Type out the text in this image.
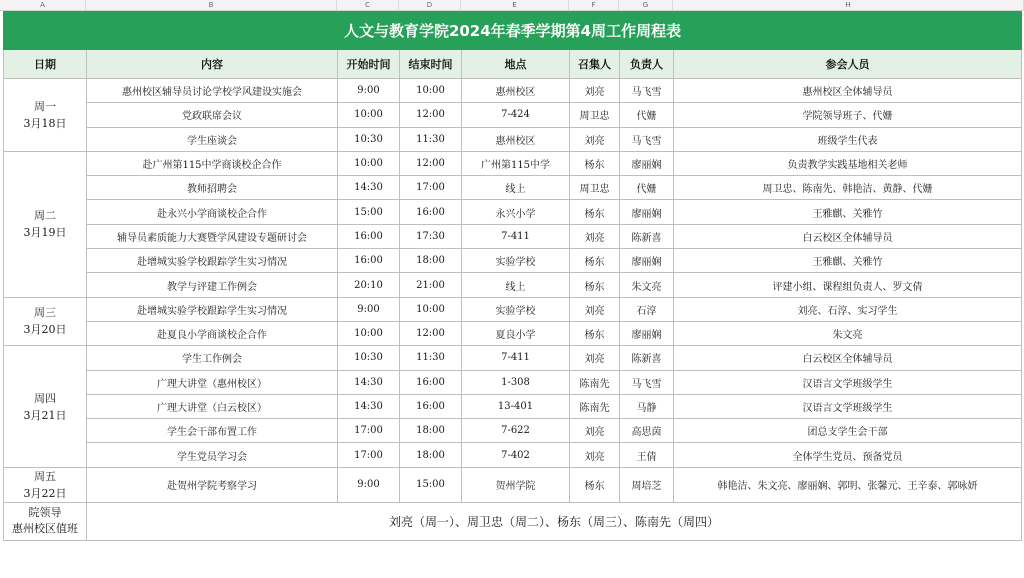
A	B	C	D	E	F	G	H
人文与教育学院2024年春季学期第4周工作周程表							
日期	内容	开始时间	结束时间	地点	召集人	负责人	参会人员

周一
3月18日	惠州校区辅导员讨论学校学风建设实施会	9:00	10:00	惠州校区	刘亮	马飞雪	惠州校区全体辅导员
	党政联席会议	10:00	12:00	7-424	周卫忠	代姗	学院领导班子、代姗
	学生座谈会	10:30	11:30	惠州校区	刘亮	马飞雪	班级学生代表

周二
3月19日	赴广州第115中学商谈校企合作	10:00	12:00	广州第115中学	杨东	廖丽娴	负责教学实践基地相关老师
	教师招聘会	14:30	17:00	线上	周卫忠	代姗	周卫忠、陈南先、韩艳洁、黄静、代姗
	赴永兴小学商谈校企合作	15:00	16:00	永兴小学	杨东	廖丽娴	王雅麒、关雅竹
	辅导员素质能力大赛暨学风建设专题研讨会	16:00	17:30	7-411	刘亮	陈新喜	白云校区全体辅导员
	赴增城实验学校跟踪学生实习情况	16:00	18:00	实验学校	杨东	廖丽娴	王雅麒、关雅竹
	教学与评建工作例会	20:10	21:00	线上	杨东	朱文亮	评建小组、课程组负责人、罗文倩

周三
3月20日	赴增城实验学校跟踪学生实习情况	9:00	10:00	实验学校	刘亮	石淳	刘亮、石淳、实习学生
	赴夏良小学商谈校企合作	10:00	12:00	夏良小学	杨东	廖丽娴	朱文亮

周四
3月21日	学生工作例会	10:30	11:30	7-411	刘亮	陈新喜	白云校区全体辅导员
	广理大讲堂（惠州校区）	14:30	16:00	1-308	陈南先	马飞雪	汉语言文学班级学生
	广理大讲堂（白云校区）	14:30	16:00	13-401	陈南先	马静	汉语言文学班级学生
	学生会干部布置工作	17:00	18:00	7-622	刘亮	高思茵	团总支学生会干部
	学生党员学习会	17:00	18:00	7-402	刘亮	王倩	全体学生党员、预备党员

周五
3月22日	赴贺州学院考察学习	9:00	15:00	贺州学院	杨东	周培芝	韩艳洁、朱文亮、廖丽娴、郭明、张馨元、王辛泰、郭咏妍

院领导
惠州校区值班	刘亮（周一）、周卫忠（周二）、杨东（周三）、陈南先（周四）						
